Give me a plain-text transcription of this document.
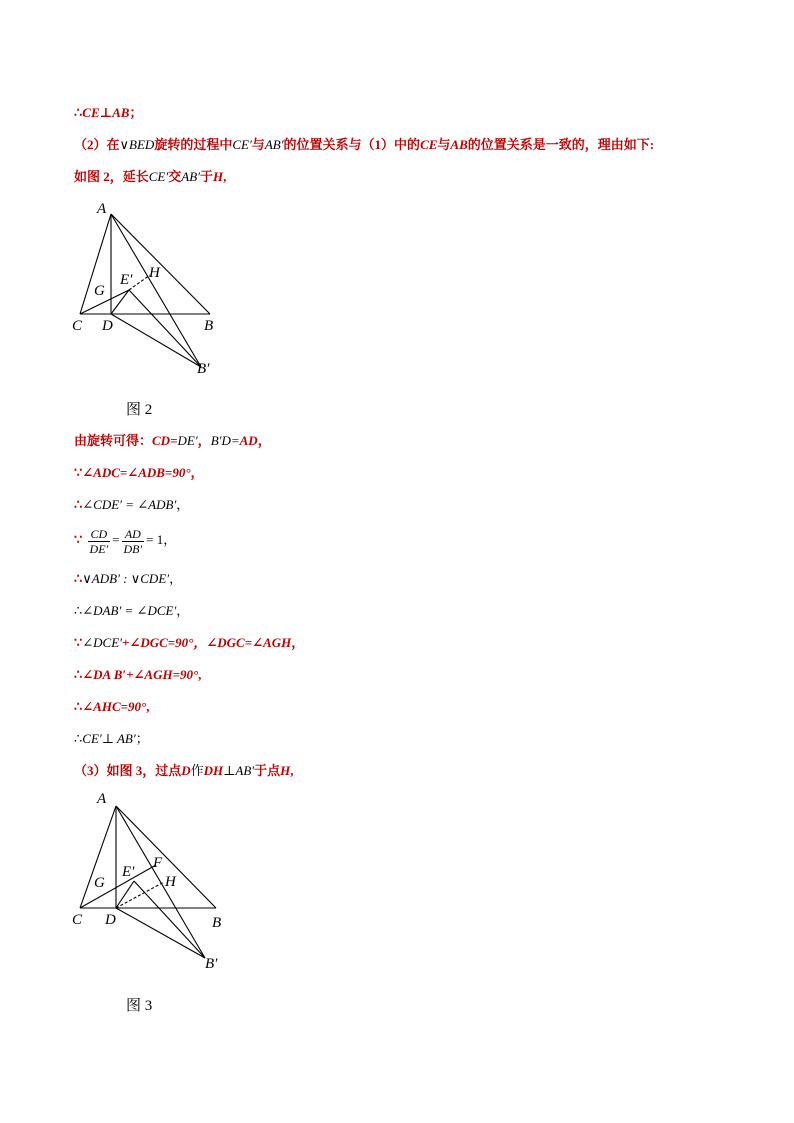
∴CE⊥AB；
（2）在∨BED旋转的过程中CE′与AB′的位置关系与（1）中的CE与AB的位置关系是一致的，理由如下:
如图 2，延长CE′交AB′于H,
A
E′ H
G
C D	B
B′
图 2
由旋转可得：CD=DE′，B′D=AD，
∵∠ADC=∠ADB=90°，
∴∠CDE′ = ∠ADB′，
∵ $\frac{CD}{DE'} = \frac{AD}{DB'} = 1$，
∴∨ADB′ : ∨CDE′，
∴∠DAB′ = ∠DCE′，
∵∠DCE′+∠DGC=90°，∠DGC=∠AGH，
∴∠DA B′+∠AGH=90°,
∴∠AHC=90°,
∴CE′⊥ AB′；
（3）如图 3，过点D作DH⊥AB′于点H,
A
E′
F
H
G
C D	B
B′
图 3
